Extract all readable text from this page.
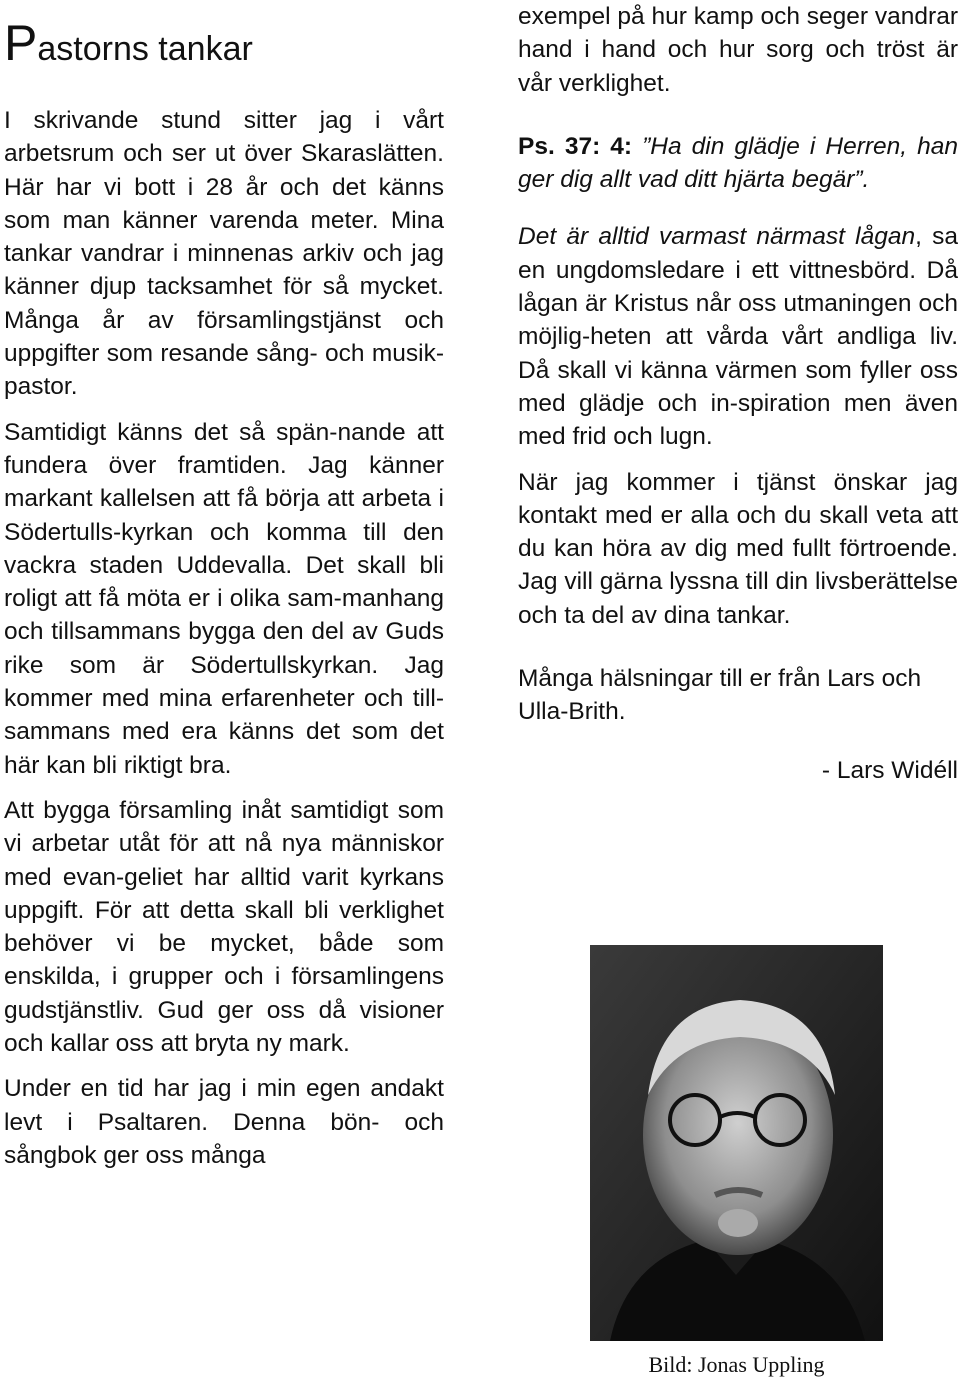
Pastorns tankar

I skrivande stund sitter jag i vårt arbetsrum och ser ut över Skaraslätten. Här har vi bott i 28 år och det känns som man känner varenda meter. Mina tankar vandrar i minnenas arkiv och jag känner djup tacksamhet för så mycket. Många år av församlingstjänst och uppgifter som resande sång- och musik-pastor.

Samtidigt känns det så spän-nande att fundera över framtiden. Jag känner markant kallelsen att få börja att arbeta i Södertulls-kyrkan och komma till den vackra staden Uddevalla. Det skall bli roligt att få möta er i olika sam-manhang och tillsammans bygga den del av Guds rike som är Södertullskyrkan. Jag kommer med mina erfarenheter och till-sammans med era känns det som det här kan bli riktigt bra.

Att bygga församling inåt samtidigt som vi arbetar utåt för att nå nya människor med evan-geliet har alltid varit kyrkans uppgift. För att detta skall bli verklighet behöver vi be mycket, både som enskilda, i grupper och i församlingens gudstjänstliv. Gud ger oss då visioner och kallar oss att bryta ny mark.

Under en tid har jag i min egen andakt levt i Psaltaren. Denna bön- och sångbok ger oss många

exempel på hur kamp och seger vandrar hand i hand och hur sorg och tröst är vår verklighet.

Ps. 37: 4: ”Ha din glädje i Herren, han ger dig allt vad ditt hjärta begär”.

Det är alltid varmast närmast lågan, sa en ungdomsledare i ett vittnesbörd. Då lågan är Kristus når oss utmaningen och möjlig-heten att vårda vårt andliga liv. Då skall vi känna värmen som fyller oss med glädje och in-spiration men även med frid och lugn.

När jag kommer i tjänst önskar jag kontakt med er alla och du skall veta att du kan höra av dig med fullt förtroende. Jag vill gärna lyssna till din livsberättelse och ta del av dina tankar.

Många hälsningar till er från Lars och Ulla-Brith.

- Lars Widéll
Bild: Jonas Uppling
